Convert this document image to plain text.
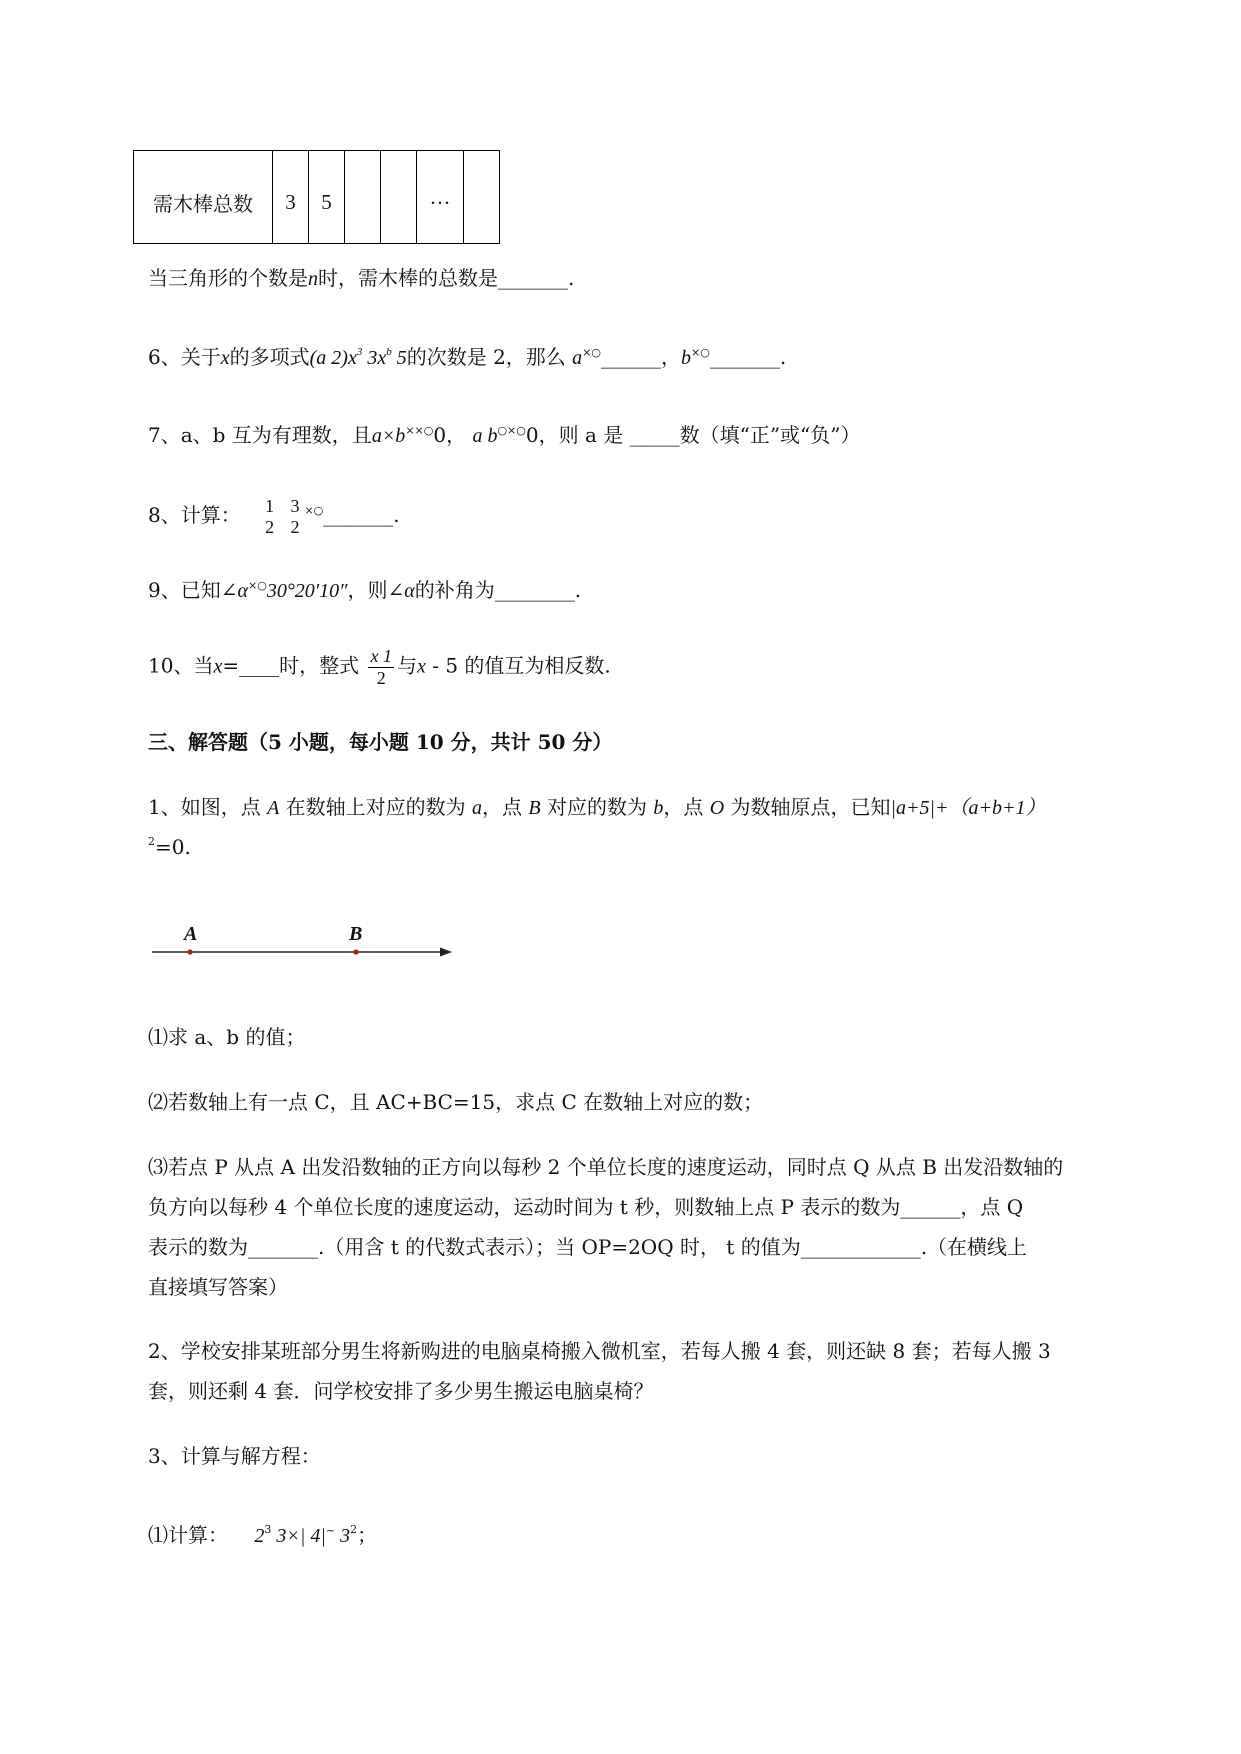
需木棒总数	3	5			…	
当三角形的个数是n时，需木棒的总数是_______.
6、关于x的多项式(a $2)x^3$ $3x^b$ 5的次数是 2，那么 a×○______，b×○_______.
7、a、b 互为有理数，且a×b××○0， a b○×○0，则 a 是 _____数（填“正”或“负”）
8、计算： 1
2

3
2
×○_______.
9、已知∠α×○30°20′10″，则∠α的补角为________.
10、当x=____时，整式 $\frac{x 1}{2}$ 与x - 5 的值互为相反数.
三、解答题（5 小题，每小题 10 分，共计 50 分）
1、如图，点 A 在数轴上对应的数为 a，点 B 对应的数为 b，点 O 为数轴原点，已知|a+5|+（a+b+1）
$^2$=0.
A	B
⑴求 a、b 的值；
⑵若数轴上有一点 C，且 AC+BC=15，求点 C 在数轴上对应的数；
⑶若点 P 从点 A 出发沿数轴的正方向以每秒 2 个单位长度的速度运动，同时点 Q 从点 B 出发沿数轴的
负方向以每秒 4 个单位长度的速度运动，运动时间为 t 秒，则数轴上点 P 表示的数为______，点 Q
表示的数为_______.（用含 t 的代数式表示）；当 OP=2OQ 时， t 的值为____________.（在横线上
直接填写答案）
2、学校安排某班部分男生将新购进的电脑桌椅搬入微机室，若每人搬 4 套，则还缺 8 套；若每人搬 3
套，则还剩 4 套．问学校安排了多少男生搬运电脑桌椅？
3、计算与解方程：
⑴计算： $2^3$ 3×| 4|~ $3^2$；
